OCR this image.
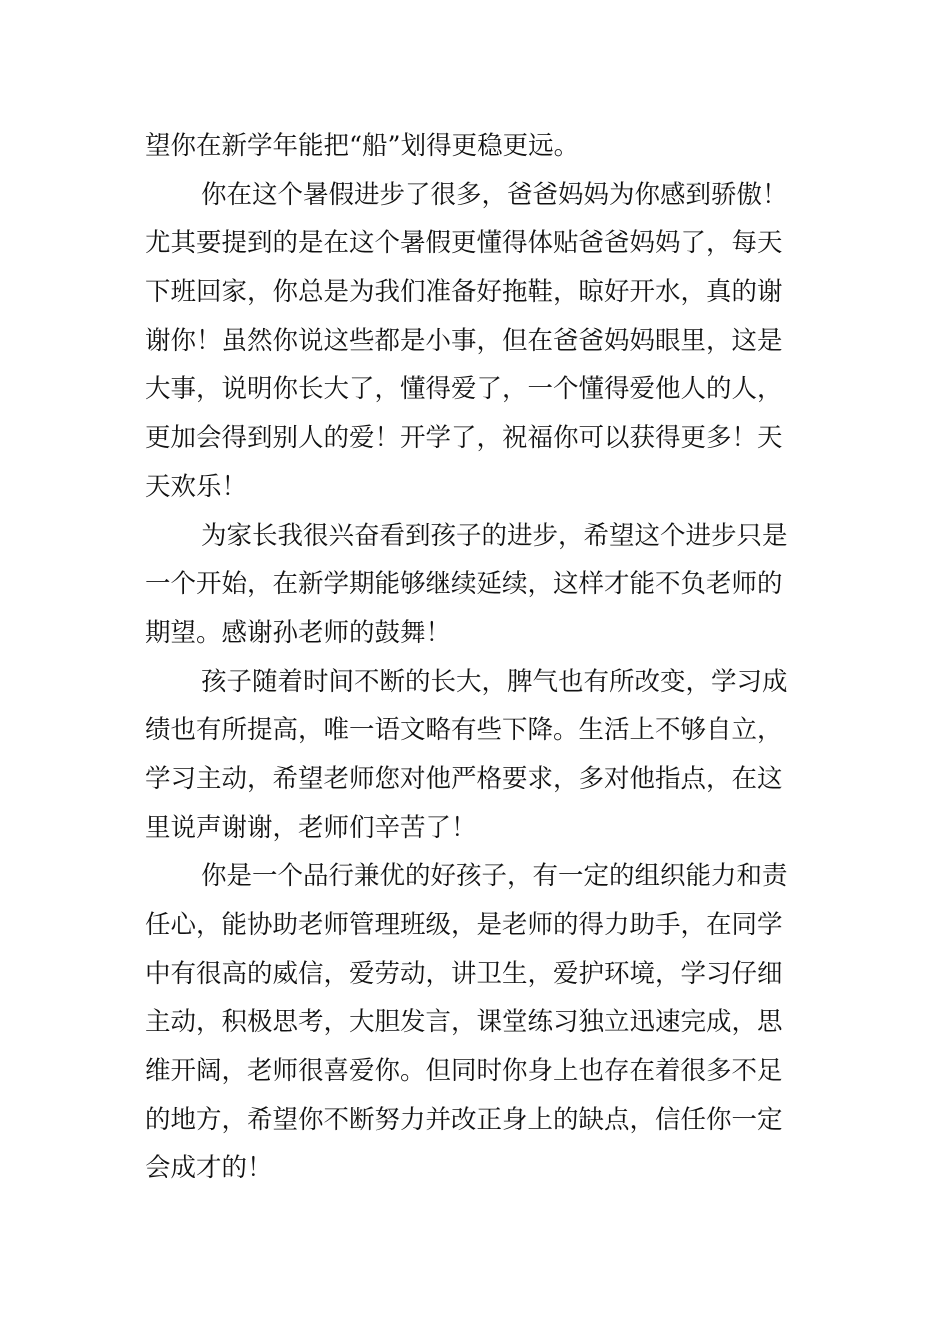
望你在新学年能把“船”划得更稳更远。
你在这个暑假进步了很多，爸爸妈妈为你感到骄傲！
尤其要提到的是在这个暑假更懂得体贴爸爸妈妈了，每天
下班回家，你总是为我们准备好拖鞋，晾好开水，真的谢
谢你！虽然你说这些都是小事，但在爸爸妈妈眼里，这是
大事，说明你长大了，懂得爱了，一个懂得爱他人的人，
更加会得到别人的爱！开学了，祝福你可以获得更多！天
天欢乐！
为家长我很兴奋看到孩子的进步，希望这个进步只是
一个开始，在新学期能够继续延续，这样才能不负老师的
期望。感谢孙老师的鼓舞！
孩子随着时间不断的长大，脾气也有所改变，学习成
绩也有所提高，唯一语文略有些下降。生活上不够自立，
学习主动，希望老师您对他严格要求，多对他指点，在这
里说声谢谢，老师们辛苦了！
你是一个品行兼优的好孩子，有一定的组织能力和责
任心，能协助老师管理班级，是老师的得力助手，在同学
中有很高的威信，爱劳动，讲卫生，爱护环境，学习仔细
主动，积极思考，大胆发言，课堂练习独立迅速完成，思
维开阔，老师很喜爱你。但同时你身上也存在着很多不足
的地方，希望你不断努力并改正身上的缺点，信任你一定
会成才的！
